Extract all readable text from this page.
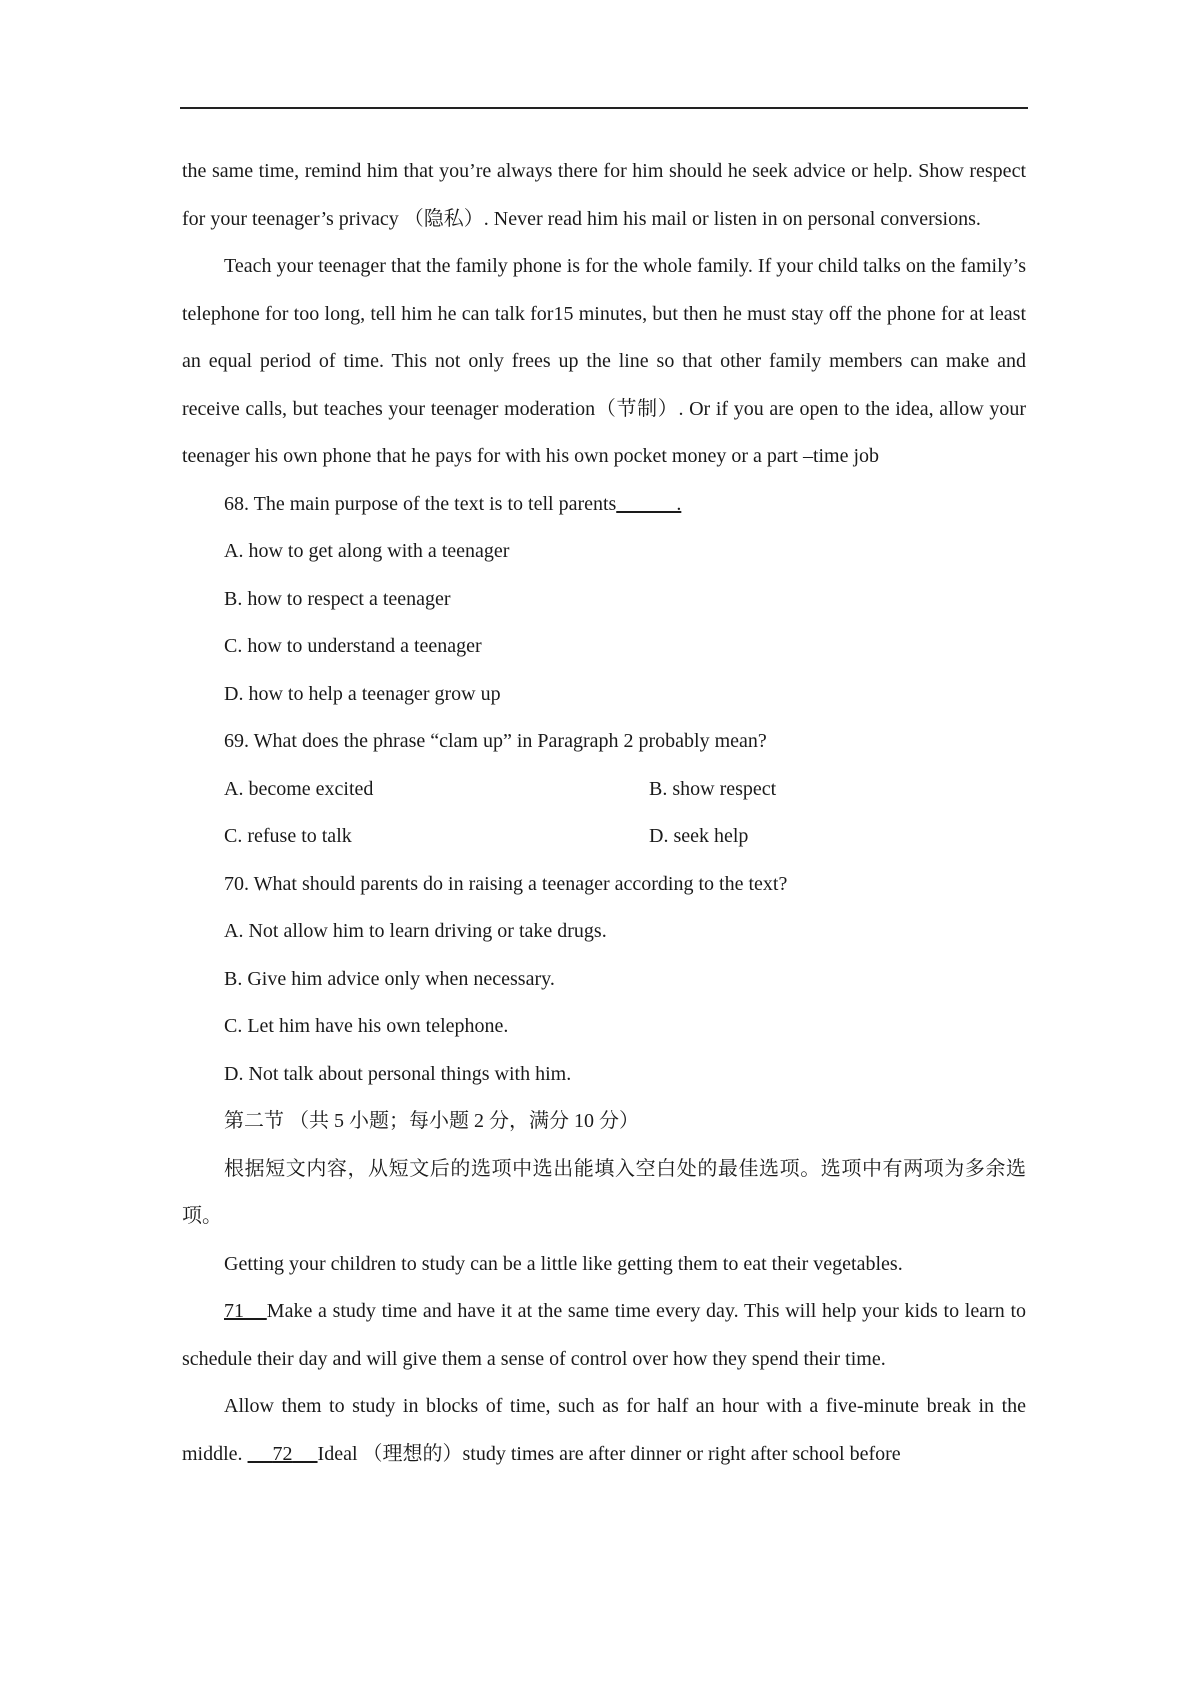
the same time, remind him that you’re always there for him should he seek advice or help. Show respect for your teenager’s privacy （隐私）. Never read him his mail or listen in on personal conversions.

Teach your teenager that the family phone is for the whole family. If your child talks on the family’s telephone for too long, tell him he can talk for15 minutes, but then he must stay off the phone for at least an equal period of time. This not only frees up the line so that other family members can make and receive calls, but teaches your teenager moderation（节制）. Or if you are open to the idea, allow your teenager his own phone that he pays for with his own pocket money or a part –time job

68. The main purpose of the text is to tell parents______.

A. how to get along with a teenager

B. how to respect a teenager

C. how to understand a teenager

D. how to help a teenager grow up

69. What does the phrase “clam up” in Paragraph 2 probably mean?

A. become excited	B. show respect
C. refuse to talk	D. seek help

70. What should parents do in raising a teenager according to the text?

A. Not allow him to learn driving or take drugs.

B. Give him advice only when necessary.

C. Let him have his own telephone.

D. Not talk about personal things with him.

第二节 （共 5 小题；每小题 2 分，满分 10 分）

根据短文内容，从短文后的选项中选出能填入空白处的最佳选项。选项中有两项为多余选项。

Getting your children to study can be a little like getting them to eat their vegetables.

71 Make a study time and have it at the same time every day. This will help your kids to learn to schedule their day and will give them a sense of control over how they spend their time.

Allow them to study in blocks of time, such as for half an hour with a five-minute break in the middle. 72 Ideal （理想的）study times are after dinner or right after school before
